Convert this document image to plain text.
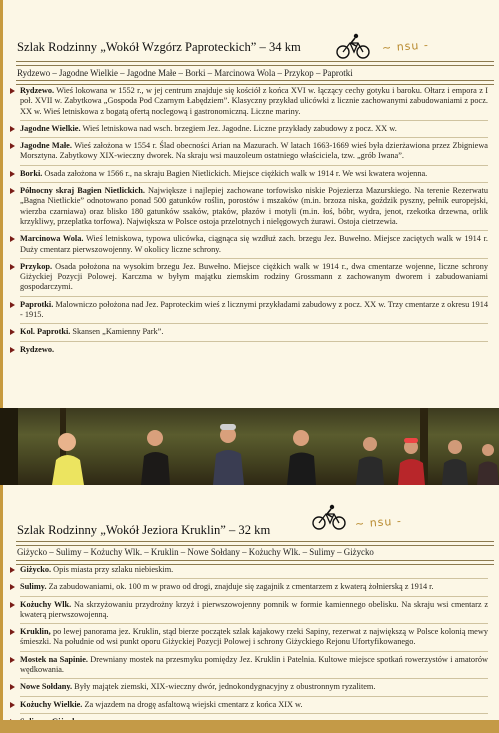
Szlak Rodzinny „Wokół Wzgórz Paproteckich” – 34 km	~ nsu -
Rydzewo – Jagodne Wielkie – Jagodne Małe – Borki – Marcinowa Wola – Przykop – Paprotki
Rydzewo. Wieś lokowana w 1552 r., w jej centrum znajduje się kościół z końca XVI w. łączący cechy gotyku i baroku. Ołtarz i empora z I poł. XVII w. Zabytkowa „Gospoda Pod Czarnym Łabędziem”. Klasyczny przykład ulicówki z licznie zachowanymi zabudowaniami z pocz. XX w. Wieś letniskowa z bogatą ofertą noclegową i gastronomiczną. Liczne mariny.
Jagodne Wielkie. Wieś letniskowa nad wsch. brzegiem Jez. Jagodne. Liczne przykłady zabudowy z pocz. XX w.
Jagodne Małe. Wieś założona w 1554 r. Ślad obecności Arian na Mazurach. W latach 1663-1669 wieś była dzierżawiona przez Zbigniewa Morsztyna. Zabytkowy XIX-wieczny dworek. Na skraju wsi mauzoleum ostatniego właściciela, tzw. „grób Iwana”.
Borki. Osada założona w 1566 r., na skraju Bagien Nietlickich. Miejsce ciężkich walk w 1914 r. We wsi kwatera wojenna.
Północny skraj Bagien Nietlickich. Największe i najlepiej zachowane torfowisko niskie Pojezierza Mazurskiego. Na terenie Rezerwatu „Bagna Nietlickie” odnotowano ponad 500 gatunków roślin, porostów i mszaków (m.in. brzoza niska, goździk pyszny, pełnik europejski, wierzba czarniawa) oraz blisko 180 gatunków ssaków, ptaków, płazów i motyli (m.in. łoś, bóbr, wydra, jenot, rzekotka drzewna, orlik krzykliwy, przeplatka torfowa). Największa w Polsce ostoja przelotnych i nielęgowych żurawi. Ostoja cietrzewia.
Marcinowa Wola. Wieś letniskowa, typowa ulicówka, ciągnąca się wzdłuż zach. brzegu Jez. Buwełno. Miejsce zaciętych walk w 1914 r. Duży cmentarz pierwszowojenny. W okolicy liczne schrony.
Przykop. Osada położona na wysokim brzegu Jez. Buwełno. Miejsce ciężkich walk w 1914 r., dwa cmentarze wojenne, liczne schrony Giżyckiej Pozycji Polowej. Karczma w byłym majątku ziemskim rodziny Grossmann z zachowanym dworem i zabudowaniami gospodarczymi.
Paprotki. Malowniczo położona nad Jez. Paproteckim wieś z licznymi przykładami zabudowy z pocz. XX w. Trzy cmentarze z okresu 1914 - 1915.
Kol. Paprotki. Skansen „Kamienny Park”.
Rydzewo.
Szlak Rodzinny „Wokół Jeziora Kruklin” – 32 km	~ nsu -
Giżycko – Sulimy – Kożuchy Wlk. – Kruklin – Nowe Sołdany – Kożuchy Wlk. – Sulimy – Giżycko
Giżycko. Opis miasta przy szlaku niebieskim.
Sulimy. Za zabudowaniami, ok. 100 m w prawo od drogi, znajduje się zagajnik z cmentarzem z kwaterą żołnierską z 1914 r.
Kożuchy Wlk. Na skrzyżowaniu przydrożny krzyż i pierwszowojenny pomnik w formie kamiennego obelisku. Na skraju wsi cmentarz z kwaterą pierwszowojenną.
Kruklin, po lewej panorama jez. Kruklin, stąd bierze początek szlak kajakowy rzeki Sapiny, rezerwat z największą w Polsce kolonią mewy śmieszki. Na południe od wsi punkt oporu Giżyckiej Pozycji Polowej i schrony Giżyckiego Rejonu Ufortyfikowanego.
Mostek na Sapinie. Drewniany mostek na przesmyku pomiędzy Jez. Kruklin i Patelnia. Kultowe miejsce spotkań rowerzystów i amatorów wędkowania.
Nowe Sołdany. Były majątek ziemski, XIX-wieczny dwór, jednokondygnacyjny z obustronnym ryzalitem.
Kożuchy Wielkie. Za wjazdem na drogę asfaltową wiejski cmentarz z końca XIX w.
